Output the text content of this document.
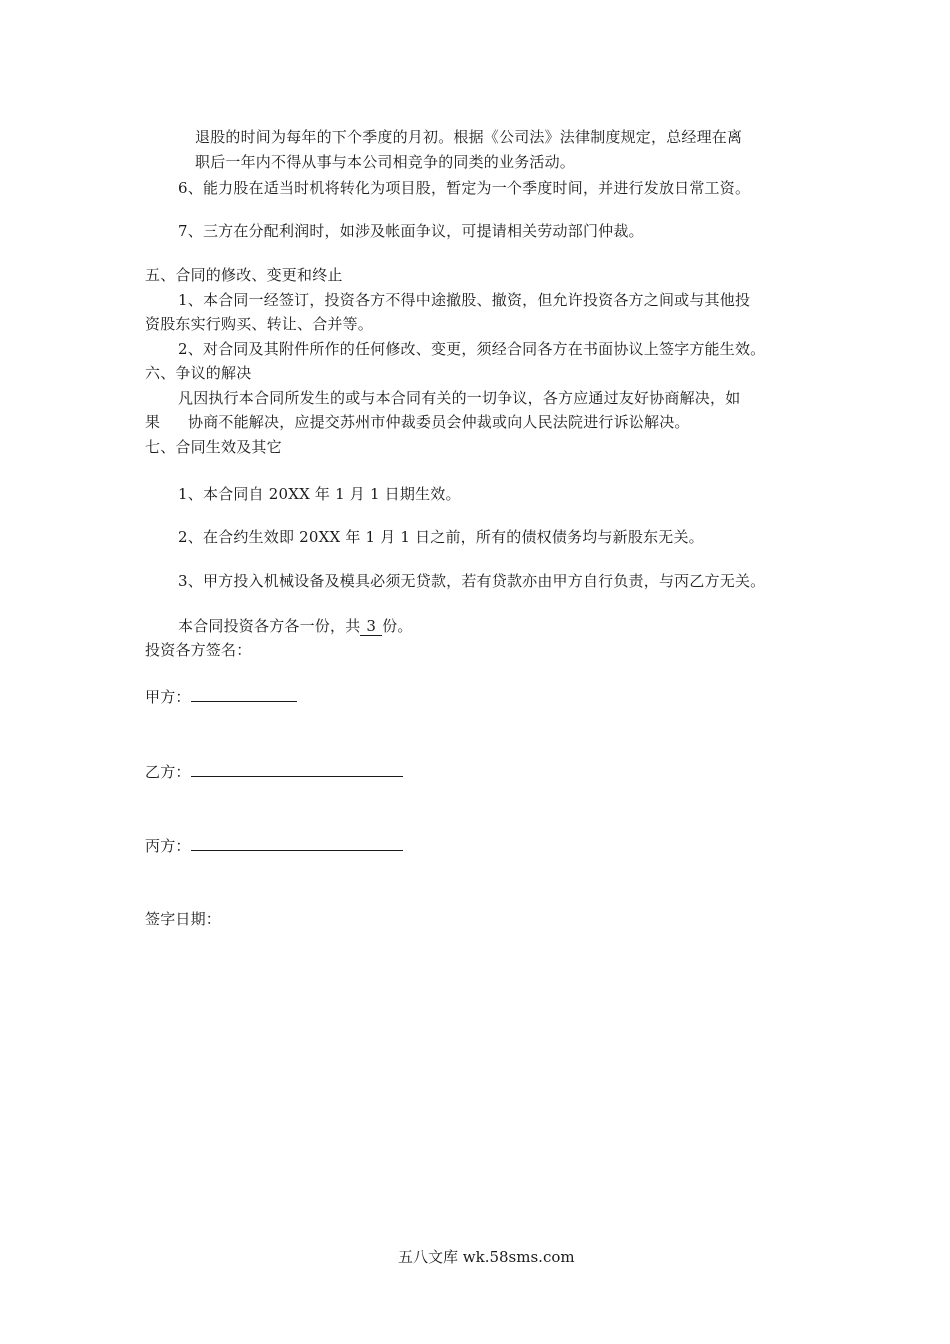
退股的时间为每年的下个季度的月初。根据《公司法》法律制度规定，总经理在离
职后一年内不得从事与本公司相竞争的同类的业务活动。
6、能力股在适当时机将转化为项目股，暂定为一个季度时间，并进行发放日常工资。
7、三方在分配利润时，如涉及帐面争议，可提请相关劳动部门仲裁。
五、合同的修改、变更和终止
1、本合同一经签订，投资各方不得中途撤股、撤资，但允许投资各方之间或与其他投
资股东实行购买、转让、合并等。
2、对合同及其附件所作的任何修改、变更，须经合同各方在书面协议上签字方能生效。
六、争议的解决
凡因执行本合同所发生的或与本合同有关的一切争议，各方应通过友好协商解决，如
果 协商不能解决，应提交苏州市仲裁委员会仲裁或向人民法院进行诉讼解决。
七、合同生效及其它
1、本合同自 20XX 年 1 月 1 日期生效。
2、在合约生效即 20XX 年 1 月 1 日之前，所有的债权债务均与新股东无关。
3、甲方投入机械设备及模具必须无贷款，若有贷款亦由甲方自行负责，与丙乙方无关。
本合同投资各方各一份，共 3 份。
投资各方签名：
甲方：
乙方：
丙方：
签字日期：
五八文库 wk.58sms.com
